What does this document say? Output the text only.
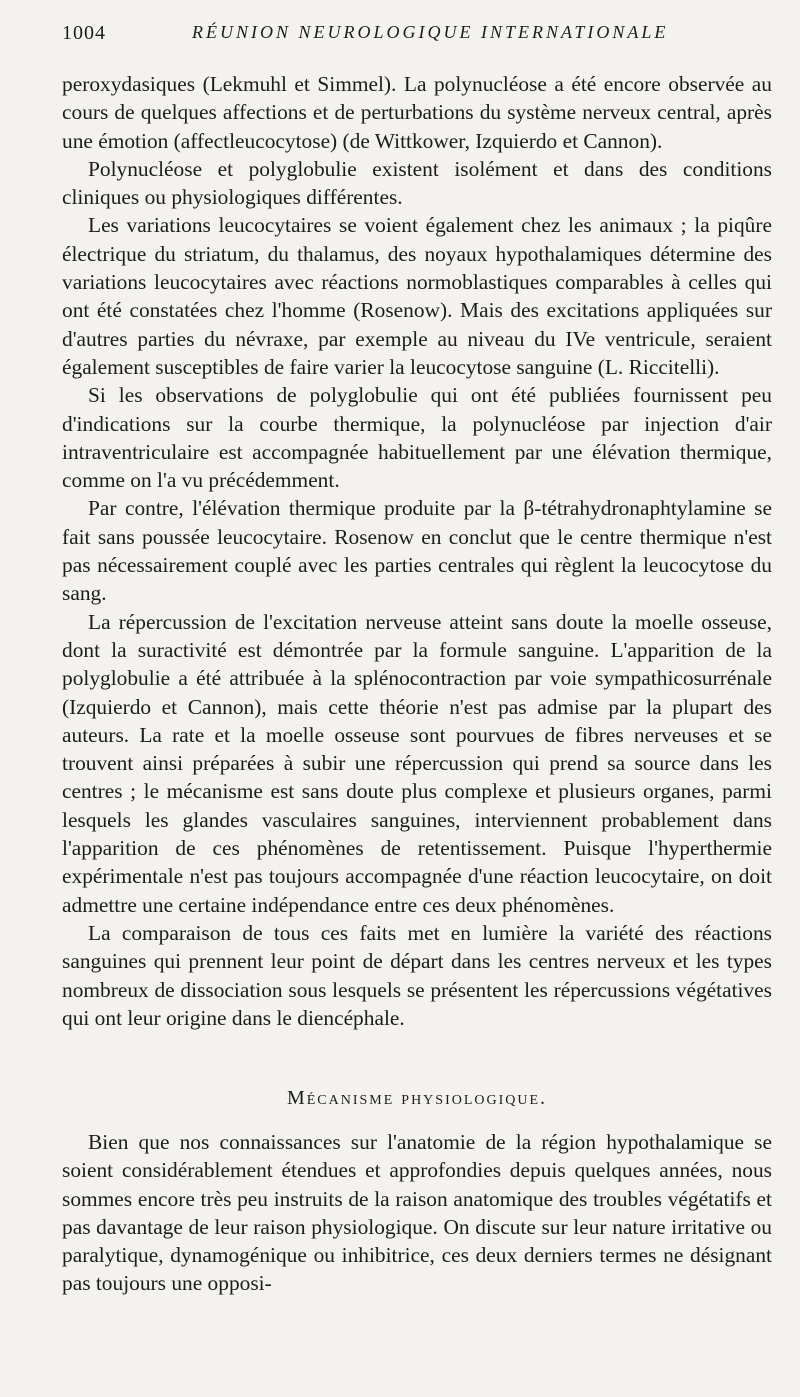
1004	RÉUNION NEUROLOGIQUE INTERNATIONALE

peroxydasiques (Lekmuhl et Simmel). La polynucléose a été encore observée au cours de quelques affections et de perturbations du système nerveux central, après une émotion (affectleucocytose) (de Wittkower, Izquierdo et Cannon).

Polynucléose et polyglobulie existent isolément et dans des conditions cliniques ou physiologiques différentes.

Les variations leucocytaires se voient également chez les animaux ; la piqûre électrique du striatum, du thalamus, des noyaux hypothalamiques détermine des variations leucocytaires avec réactions normoblastiques comparables à celles qui ont été constatées chez l'homme (Rosenow). Mais des excitations appliquées sur d'autres parties du névraxe, par exemple au niveau du IVe ventricule, seraient également susceptibles de faire varier la leucocytose sanguine (L. Riccitelli).

Si les observations de polyglobulie qui ont été publiées fournissent peu d'indications sur la courbe thermique, la polynucléose par injection d'air intraventriculaire est accompagnée habituellement par une élévation thermique, comme on l'a vu précédemment.

Par contre, l'élévation thermique produite par la β-tétrahydronaphtylamine se fait sans poussée leucocytaire. Rosenow en conclut que le centre thermique n'est pas nécessairement couplé avec les parties centrales qui règlent la leucocytose du sang.

La répercussion de l'excitation nerveuse atteint sans doute la moelle osseuse, dont la suractivité est démontrée par la formule sanguine. L'apparition de la polyglobulie a été attribuée à la splénocontraction par voie sympathicosurrénale (Izquierdo et Cannon), mais cette théorie n'est pas admise par la plupart des auteurs. La rate et la moelle osseuse sont pourvues de fibres nerveuses et se trouvent ainsi préparées à subir une répercussion qui prend sa source dans les centres ; le mécanisme est sans doute plus complexe et plusieurs organes, parmi lesquels les glandes vasculaires sanguines, interviennent probablement dans l'apparition de ces phénomènes de retentissement. Puisque l'hyperthermie expérimentale n'est pas toujours accompagnée d'une réaction leucocytaire, on doit admettre une certaine indépendance entre ces deux phénomènes.

La comparaison de tous ces faits met en lumière la variété des réactions sanguines qui prennent leur point de départ dans les centres nerveux et les types nombreux de dissociation sous lesquels se présentent les répercussions végétatives qui ont leur origine dans le diencéphale.

Mécanisme physiologique.

Bien que nos connaissances sur l'anatomie de la région hypothalamique se soient considérablement étendues et approfondies depuis quelques années, nous sommes encore très peu instruits de la raison anatomique des troubles végétatifs et pas davantage de leur raison physiologique. On discute sur leur nature irritative ou paralytique, dynamogénique ou inhibitrice, ces deux derniers termes ne désignant pas toujours une opposi-
